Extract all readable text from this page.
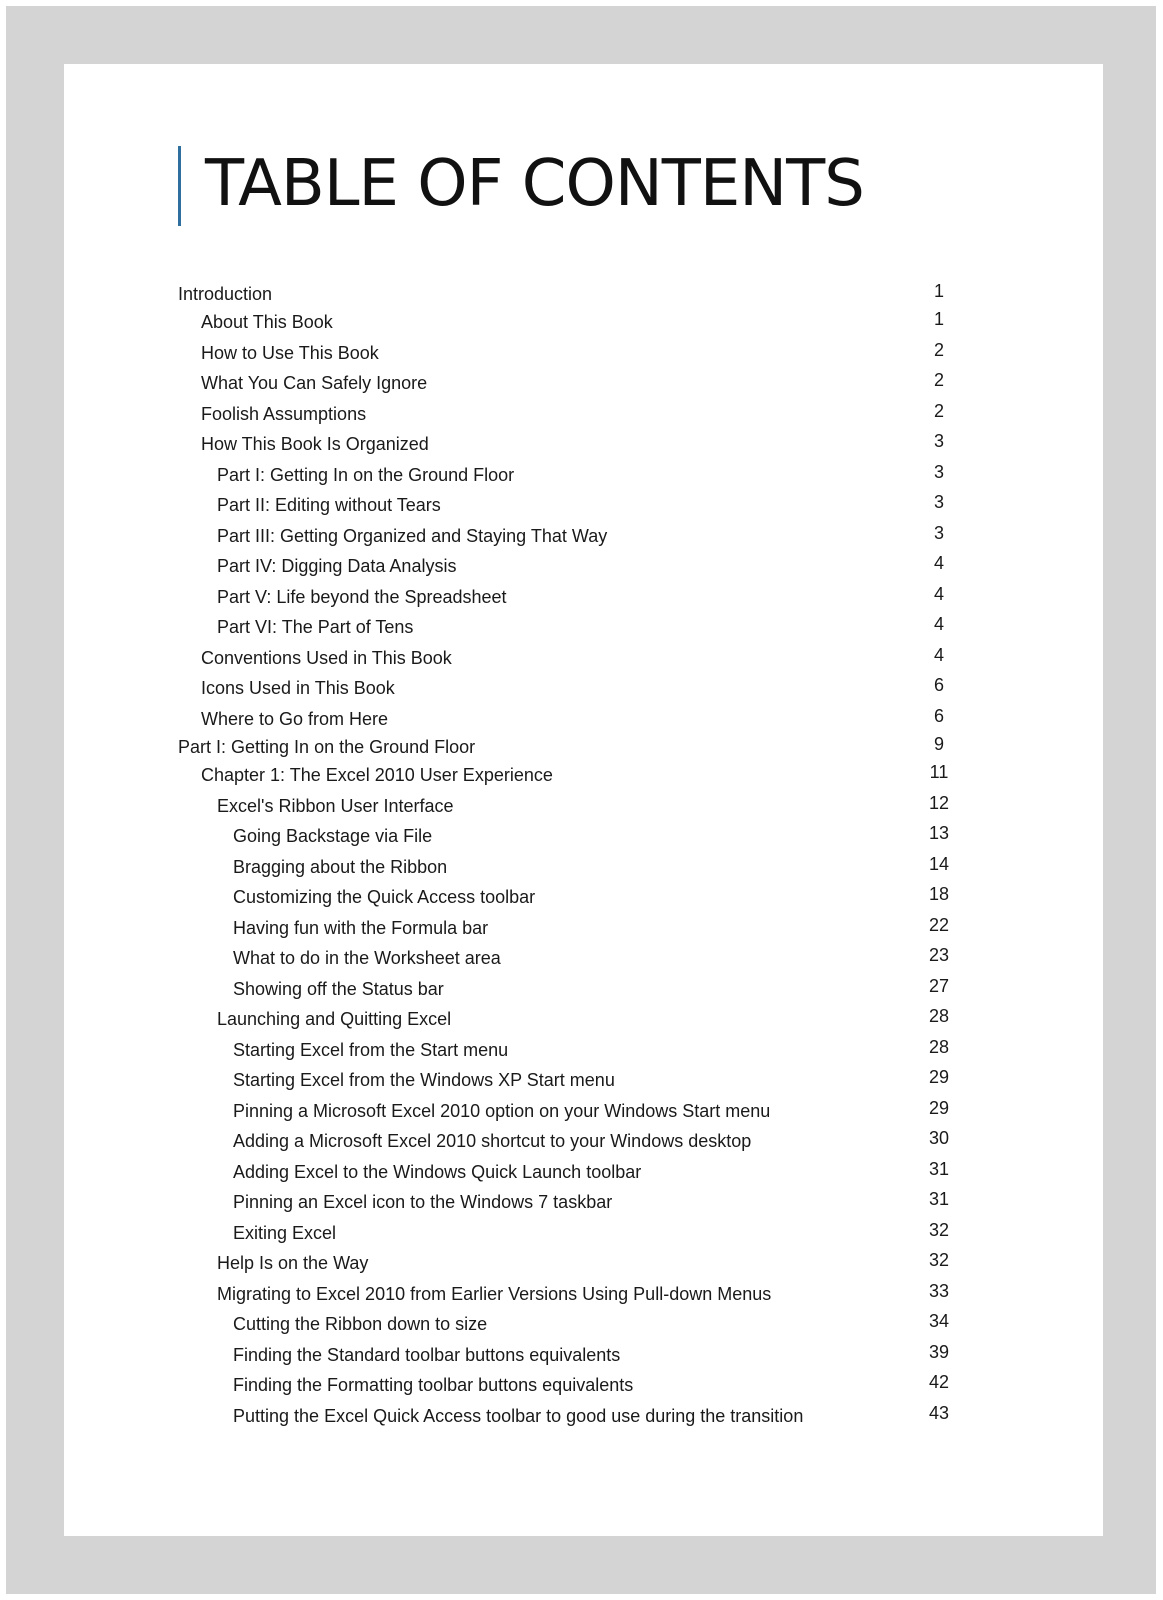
TABLE OF CONTENTS
Introduction	1
About This Book	1
How to Use This Book	2
What You Can Safely Ignore	2
Foolish Assumptions	2
How This Book Is Organized	3
Part I: Getting In on the Ground Floor	3
Part II: Editing without Tears	3
Part III: Getting Organized and Staying That Way	3
Part IV: Digging Data Analysis	4
Part V: Life beyond the Spreadsheet	4
Part VI: The Part of Tens	4
Conventions Used in This Book	4
Icons Used in This Book	6
Where to Go from Here	6
Part I: Getting In on the Ground Floor	9
Chapter 1: The Excel 2010 User Experience	11
Excel's Ribbon User Interface	12
Going Backstage via File	13
Bragging about the Ribbon	14
Customizing the Quick Access toolbar	18
Having fun with the Formula bar	22
What to do in the Worksheet area	23
Showing off the Status bar	27
Launching and Quitting Excel	28
Starting Excel from the Start menu	28
Starting Excel from the Windows XP Start menu	29
Pinning a Microsoft Excel 2010 option on your Windows Start menu	29
Adding a Microsoft Excel 2010 shortcut to your Windows desktop	30
Adding Excel to the Windows Quick Launch toolbar	31
Pinning an Excel icon to the Windows 7 taskbar	31
Exiting Excel	32
Help Is on the Way	32
Migrating to Excel 2010 from Earlier Versions Using Pull-down Menus	33
Cutting the Ribbon down to size	34
Finding the Standard toolbar buttons equivalents	39
Finding the Formatting toolbar buttons equivalents	42
Putting the Excel Quick Access toolbar to good use during the transition	43
